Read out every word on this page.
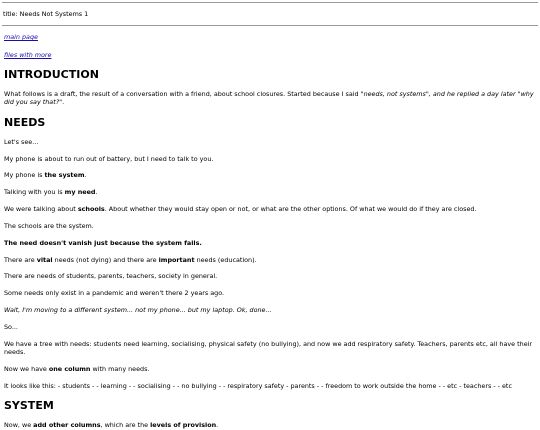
title: Needs Not Systems 1
main page
files with more
INTRODUCTION

What follows is a draft, the result of a conversation with a friend, about school closures. Started because I said "needs, not systems", and he replied a day later "why did you say that?".

NEEDS

Let's see...

My phone is about to run out of battery, but I need to talk to you.

My phone is the system.

Talking with you is my need.

We were talking about schools. About whether they would stay open or not, or what are the other options. Of what we would do if they are closed.

The schools are the system.

The need doesn't vanish just because the system fails.

There are vital needs (not dying) and there are important needs (education).

There are needs of students, parents, teachers, society in general.

Some needs only exist in a pandemic and weren't there 2 years ago.

Wait, I'm moving to a different system... not my phone... but my laptop. Ok, done...

So...

We have a tree with needs: students need learning, socialising, physical safety (no bullying), and now we add respiratory safety. Teachers, parents etc, all have their needs.

Now we have one column with many needs.

It looks like this: - students - - learning - - socialising - - no bullying - - respiratory safety - parents - - freedom to work outside the home - - etc - teachers - - etc

SYSTEM

Now, we add other columns, which are the levels of provision.
